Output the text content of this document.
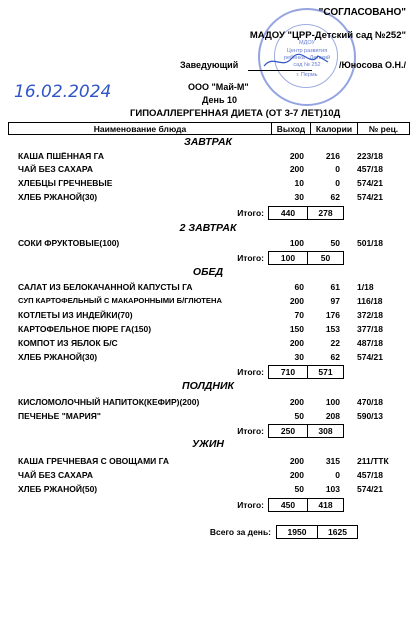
МДОУ
Центр развития
ребенка - Детский
сад № 252
г. Пермь
"СОГЛАСОВАНО"
МАДОУ "ЦРР-Детский сад №252"
Заведующий	/Юносова О.Н./
16.02.2024	ООО "Май-М"
День 10
ГИПОАЛЛЕРГЕННАЯ ДИЕТА (ОТ 3-7 ЛЕТ)10Д
Наименование блюда	Выход	Калории	№ рец.
ЗАВТРАК
КАША ПШЁННАЯ ГА	200	216 223/18
ЧАЙ БЕЗ САХАРА	200	0 457/18
ХЛЕБЦЫ ГРЕЧНЕВЫЕ	10	0 574/21
ХЛЕБ РЖАНОЙ(30)	30	62 574/21
Итого:	440	278
2 ЗАВТРАК
СОКИ ФРУКТОВЫЕ(100)	100	50 501/18
Итого:	100	50
ОБЕД
САЛАТ ИЗ БЕЛОКАЧАННОЙ КАПУСТЫ ГА	60	61 1/18
СУП КАРТОФЕЛЬНЫЙ С МАКАРОННЫМИ Б/ГЛЮТЕНА	200	97 116/18
КОТЛЕТЫ ИЗ ИНДЕЙКИ(70)	70	176 372/18
КАРТОФЕЛЬНОЕ ПЮРЕ ГА(150)	150	153 377/18
КОМПОТ ИЗ ЯБЛОК Б/С	200	22 487/18
ХЛЕБ РЖАНОЙ(30)	30	62 574/21
Итого:	710	571
ПОЛДНИК
КИСЛОМОЛОЧНЫЙ НАПИТОК(КЕФИР)(200)	200	100 470/18
ПЕЧЕНЬЕ "МАРИЯ"	50	208 590/13
Итого:	250	308
УЖИН
КАША ГРЕЧНЕВАЯ С ОВОЩАМИ ГА	200	315 211/ТТК
ЧАЙ БЕЗ САХАРА	200	0 457/18
ХЛЕБ РЖАНОЙ(50)	50	103 574/21
Итого:	450	418
Всего за день:	1950	1625
